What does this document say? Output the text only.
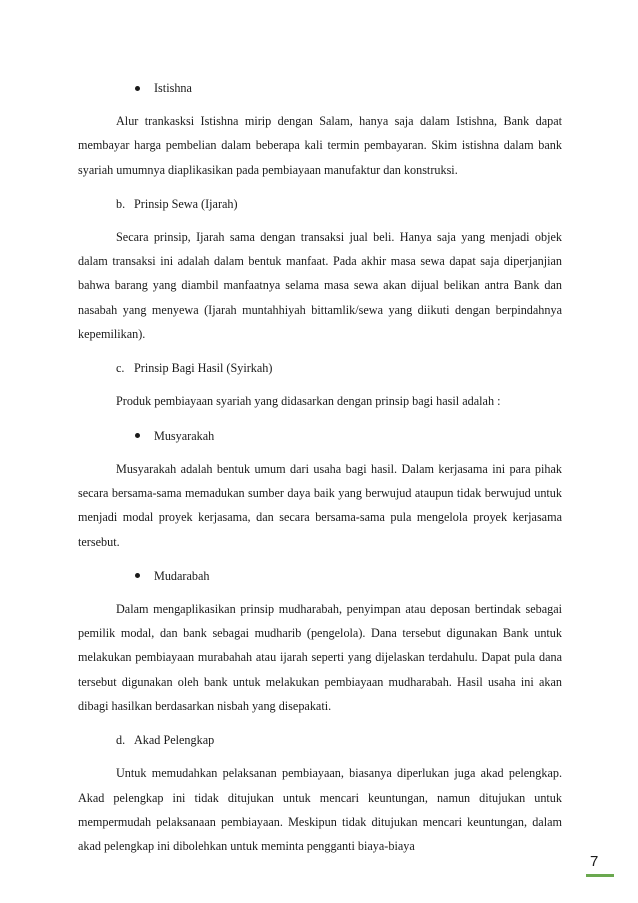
Istishna

Alur trankasksi Istishna mirip dengan Salam, hanya saja dalam Istishna, Bank dapat membayar harga pembelian dalam beberapa kali termin pembayaran. Skim istishna dalam bank syariah umumnya diaplikasikan pada pembiayaan manufaktur dan konstruksi.

b. Prinsip Sewa (Ijarah)

Secara prinsip, Ijarah sama dengan transaksi jual beli. Hanya saja yang menjadi objek dalam transaksi ini adalah dalam bentuk manfaat. Pada akhir masa sewa dapat saja diperjanjian bahwa barang yang diambil manfaatnya selama masa sewa akan dijual belikan antra Bank dan nasabah yang menyewa (Ijarah muntahhiyah bittamlik/sewa yang diikuti dengan berpindahnya kepemilikan).

c. Prinsip Bagi Hasil (Syirkah)

Produk pembiayaan syariah yang didasarkan dengan prinsip bagi hasil adalah :

Musyarakah

Musyarakah adalah bentuk umum dari usaha bagi hasil. Dalam kerjasama ini para pihak secara bersama-sama memadukan sumber daya baik yang berwujud ataupun tidak berwujud untuk menjadi modal proyek kerjasama, dan secara bersama-sama pula mengelola proyek kerjasama tersebut.

Mudarabah

Dalam mengaplikasikan prinsip mudharabah, penyimpan atau deposan bertindak sebagai pemilik modal, dan bank sebagai mudharib (pengelola). Dana tersebut digunakan Bank untuk melakukan pembiayaan murabahah atau ijarah seperti yang dijelaskan terdahulu. Dapat pula dana tersebut digunakan oleh bank untuk melakukan pembiayaan mudharabah. Hasil usaha ini akan dibagi hasilkan berdasarkan nisbah yang disepakati.

d. Akad Pelengkap

Untuk memudahkan pelaksanan pembiayaan, biasanya diperlukan juga akad pelengkap. Akad pelengkap ini tidak ditujukan untuk mencari keuntungan, namun ditujukan untuk mempermudah pelaksanaan pembiayaan. Meskipun tidak ditujukan mencari keuntungan, dalam akad pelengkap ini dibolehkan untuk meminta pengganti biaya-biaya

7
